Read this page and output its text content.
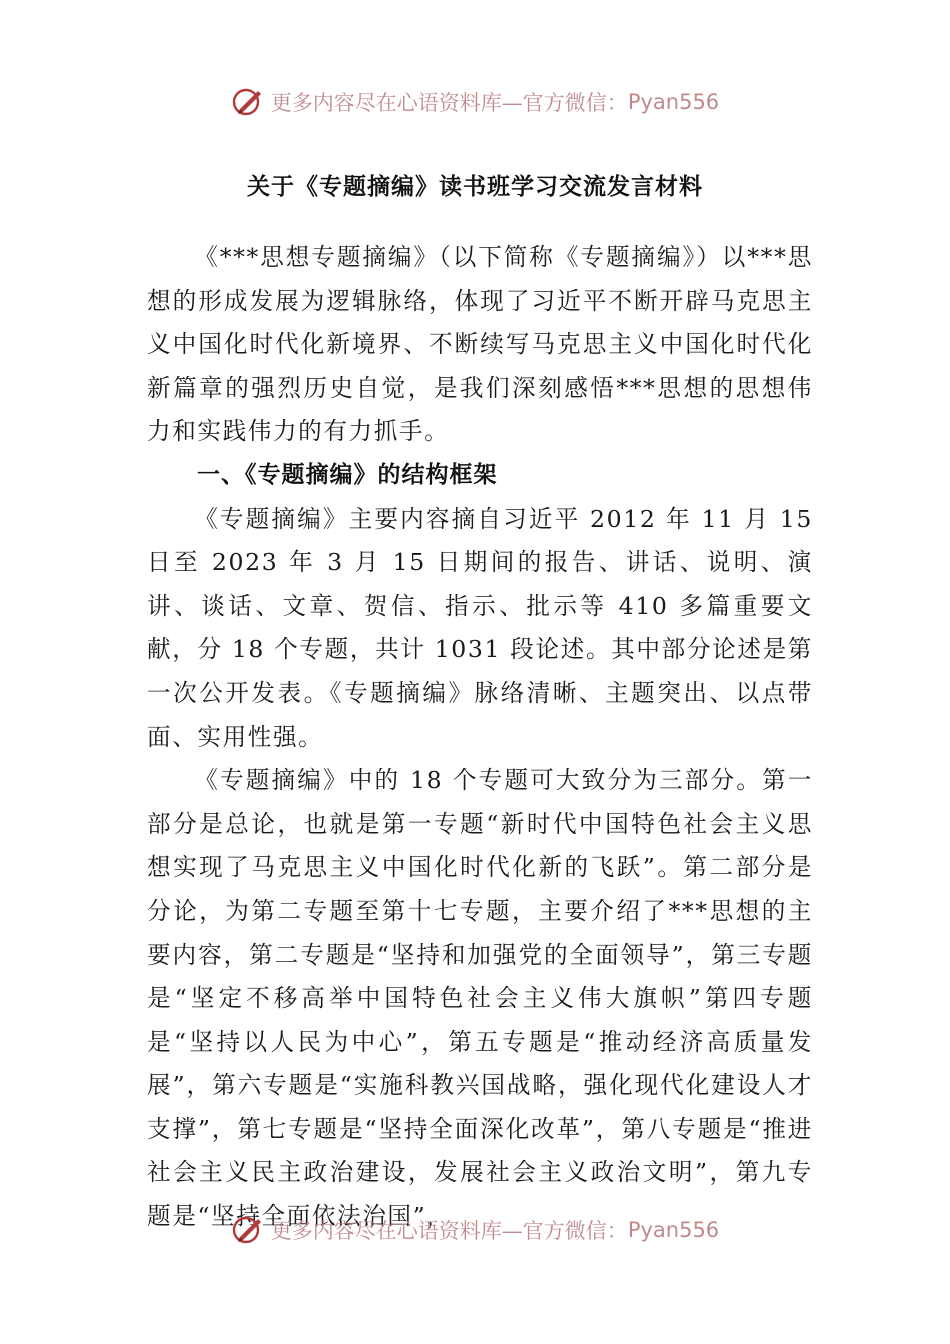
更多内容尽在心语资料库—官方微信： Pyan556
关于《专题摘编》读书班学习交流发言材料

《***思想专题摘编》（以下简称《专题摘编》）以***思想的形成发展为逻辑脉络，体现了习近平不断开辟马克思主义中国化时代化新境界、不断续写马克思主义中国化时代化新篇章的强烈历史自觉，是我们深刻感悟***思想的思想伟力和实践伟力的有力抓手。

一、《专题摘编》的结构框架

《专题摘编》主要内容摘自习近平 2012 年 11 月 15 日至 2023 年 3 月 15 日期间的报告、讲话、说明、演讲、谈话、文章、贺信、指示、批示等 410 多篇重要文献，分 18 个专题，共计 1031 段论述。其中部分论述是第一次公开发表。《专题摘编》脉络清晰、主题突出、以点带面、实用性强。

《专题摘编》中的 18 个专题可大致分为三部分。第一部分是总论，也就是第一专题“新时代中国特色社会主义思想实现了马克思主义中国化时代化新的飞跃”。第二部分是分论，为第二专题至第十七专题，主要介绍了***思想的主要内容，第二专题是“坚持和加强党的全面领导”，第三专题是“坚定不移高举中国特色社会主义伟大旗帜”第四专题是“坚持以人民为中心”，第五专题是“推动经济高质量发展”，第六专题是“实施科教兴国战略，强化现代化建设人才支撑”，第七专题是“坚持全面深化改革”，第八专题是“推进社会主义民主政治建设，发展社会主义政治文明”，第九专题是“坚持全面依法治国”，

更多内容尽在心语资料库—官方微信： Pyan556
